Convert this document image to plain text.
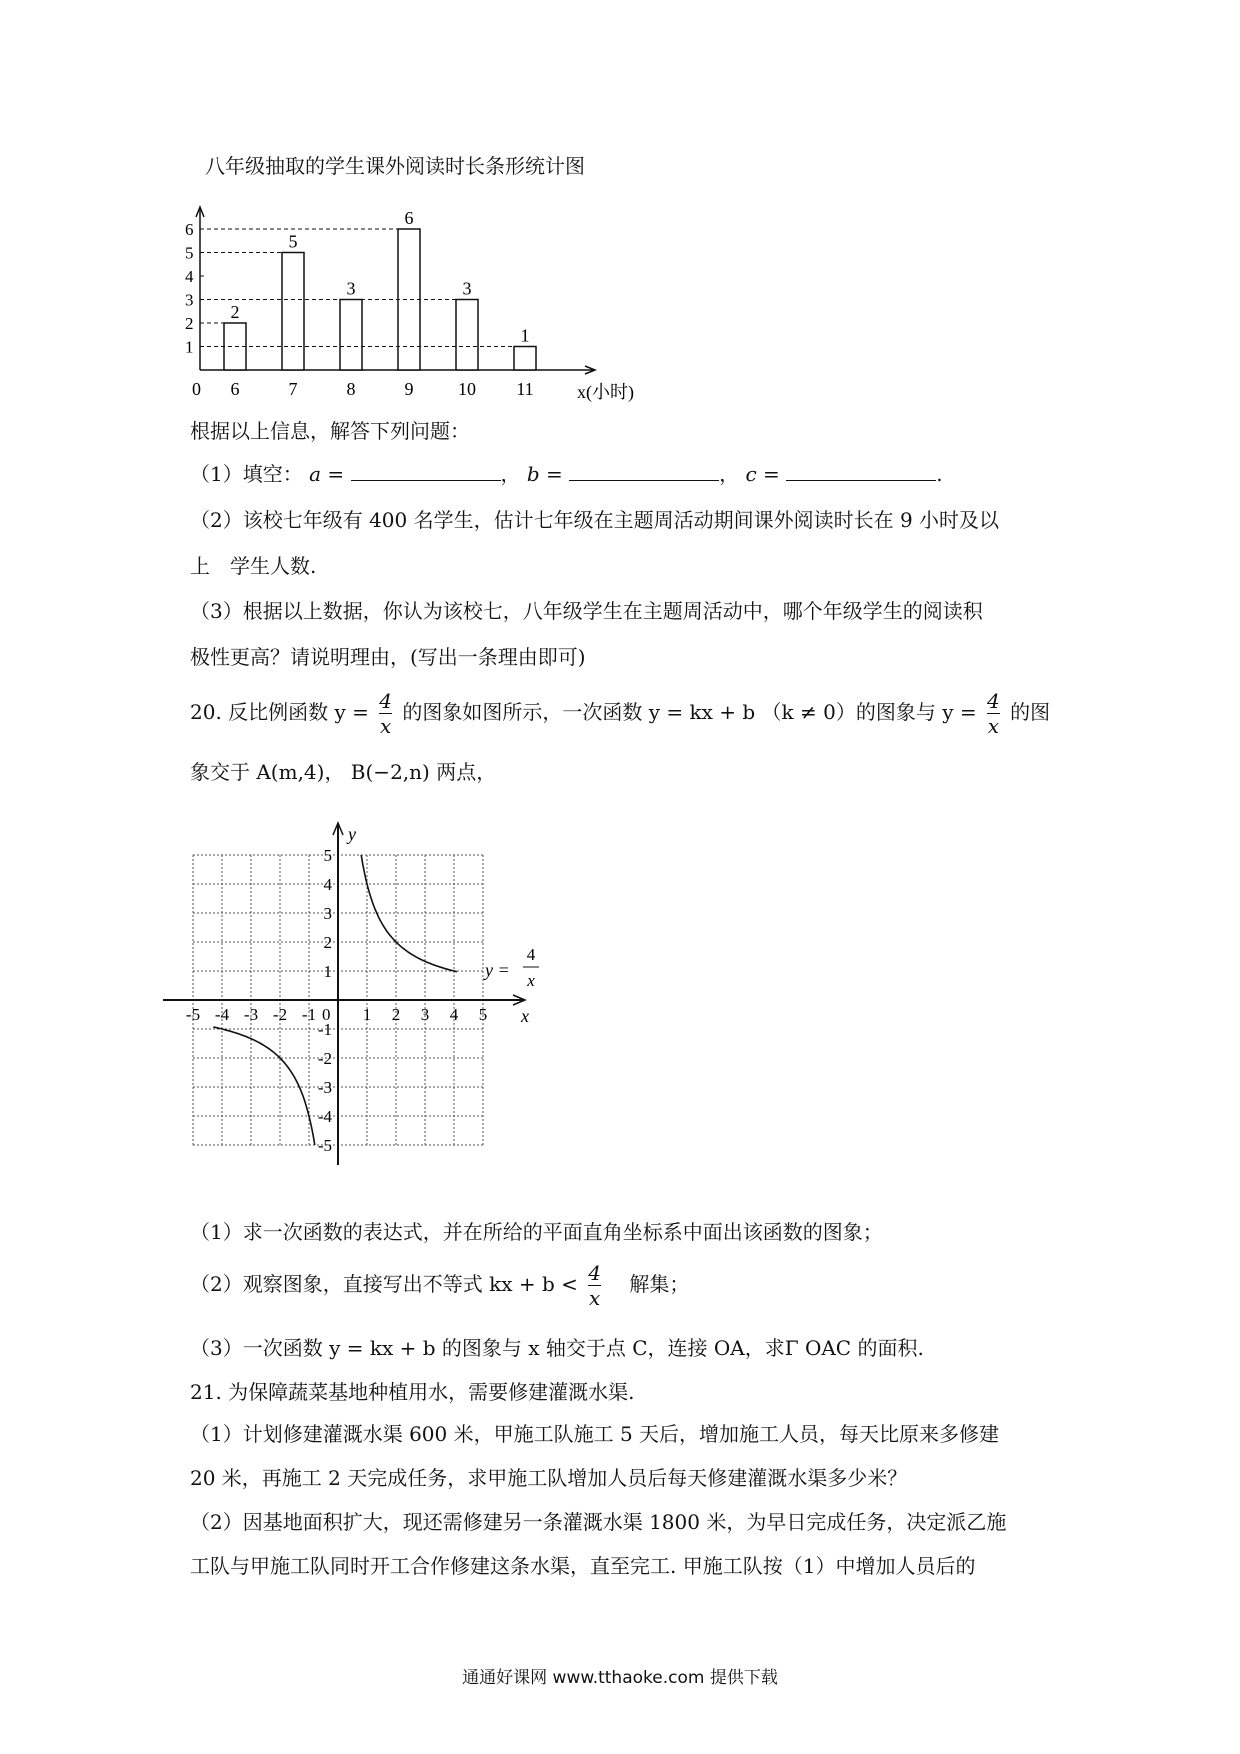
八年级抽取的学生课外阅读时长条形统计图
0
1
2
3
4
5
6
x(小时)
2
6
5
7
3
8
6
9
3
10
1
11
根据以上信息，解答下列问题：
（1）填空： a =	， b =	， c =	.
（2）该校七年级有 400 名学生，估计七年级在主题周活动期间课外阅读时长在 9 小时及以
上　学生人数.
（3）根据以上数据，你认为该校七，八年级学生在主题周活动中，哪个年级学生的阅读积
极性更高？请说明理由，(写出一条理由即可)
20. 反比例函数 $y = \frac{4}{x}$ 的图象如图所示，一次函数 y = kx + b （k ≠ 0）的图象与 $y = \frac{4}{x}$ 的图
象交于 A(m,4)， B(−2,n) 两点，
x
y
0
-5 -4 -3 -2 -1	1 2 3 4 5
5
4
3
2
1
-1
-2
-3
-4
-5
y =
4
x
（1）求一次函数的表达式，并在所给的平面直角坐标系中面出该函数的图象；
（2）观察图象，直接写出不等式 kx + $b < \frac{4}{x}$ 解集；
（3）一次函数 y = kx + b 的图象与 x 轴交于点 C，连接 OA，求Γ OAC 的面积.
21. 为保障蔬菜基地种植用水，需要修建灌溉水渠.
（1）计划修建灌溉水渠 600 米，甲施工队施工 5 天后，增加施工人员，每天比原来多修建
20 米，再施工 2 天完成任务，求甲施工队增加人员后每天修建灌溉水渠多少米？
（2）因基地面积扩大，现还需修建另一条灌溉水渠 1800 米，为早日完成任务，决定派乙施
工队与甲施工队同时开工合作修建这条水渠，直至完工. 甲施工队按（1）中增加人员后的
通通好课网 www.tthaoke.com 提供下载
